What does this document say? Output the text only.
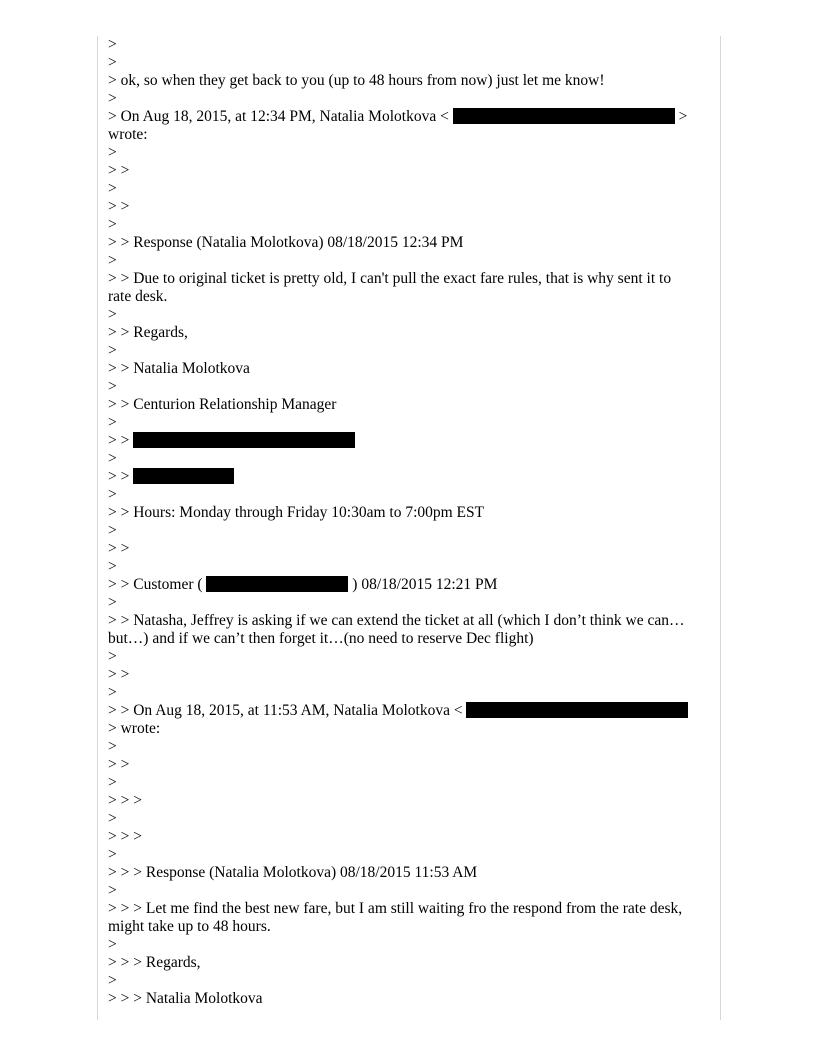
>
>
> ok, so when they get back to you (up to 48 hours from now) just let me know!
>
> On Aug 18, 2015, at 12:34 PM, Natalia Molotkova <	>
wrote:
>
> >
>
> >
>
> > Response (Natalia Molotkova) 08/18/2015 12:34 PM
>
> > Due to original ticket is pretty old, I can't pull the exact fare rules, that is why sent it to
rate desk.
>
> > Regards,
>
> > Natalia Molotkova
>
> > Centurion Relationship Manager
>
> >
>
> >
>
> > Hours: Monday through Friday 10:30am to 7:00pm EST
>
> >
>
> > Customer (	) 08/18/2015 12:21 PM
>
> > Natasha, Jeffrey is asking if we can extend the ticket at all (which I don’t think we can…
but…) and if we can’t then forget it…(no need to reserve Dec flight)
>
> >
>
> > On Aug 18, 2015, at 11:53 AM, Natalia Molotkova <
> wrote:
>
> >
>
> > >
>
> > >
>
> > > Response (Natalia Molotkova) 08/18/2015 11:53 AM
>
> > > Let me find the best new fare, but I am still waiting fro the respond from the rate desk,
might take up to 48 hours.
>
> > > Regards,
>
> > > Natalia Molotkova
